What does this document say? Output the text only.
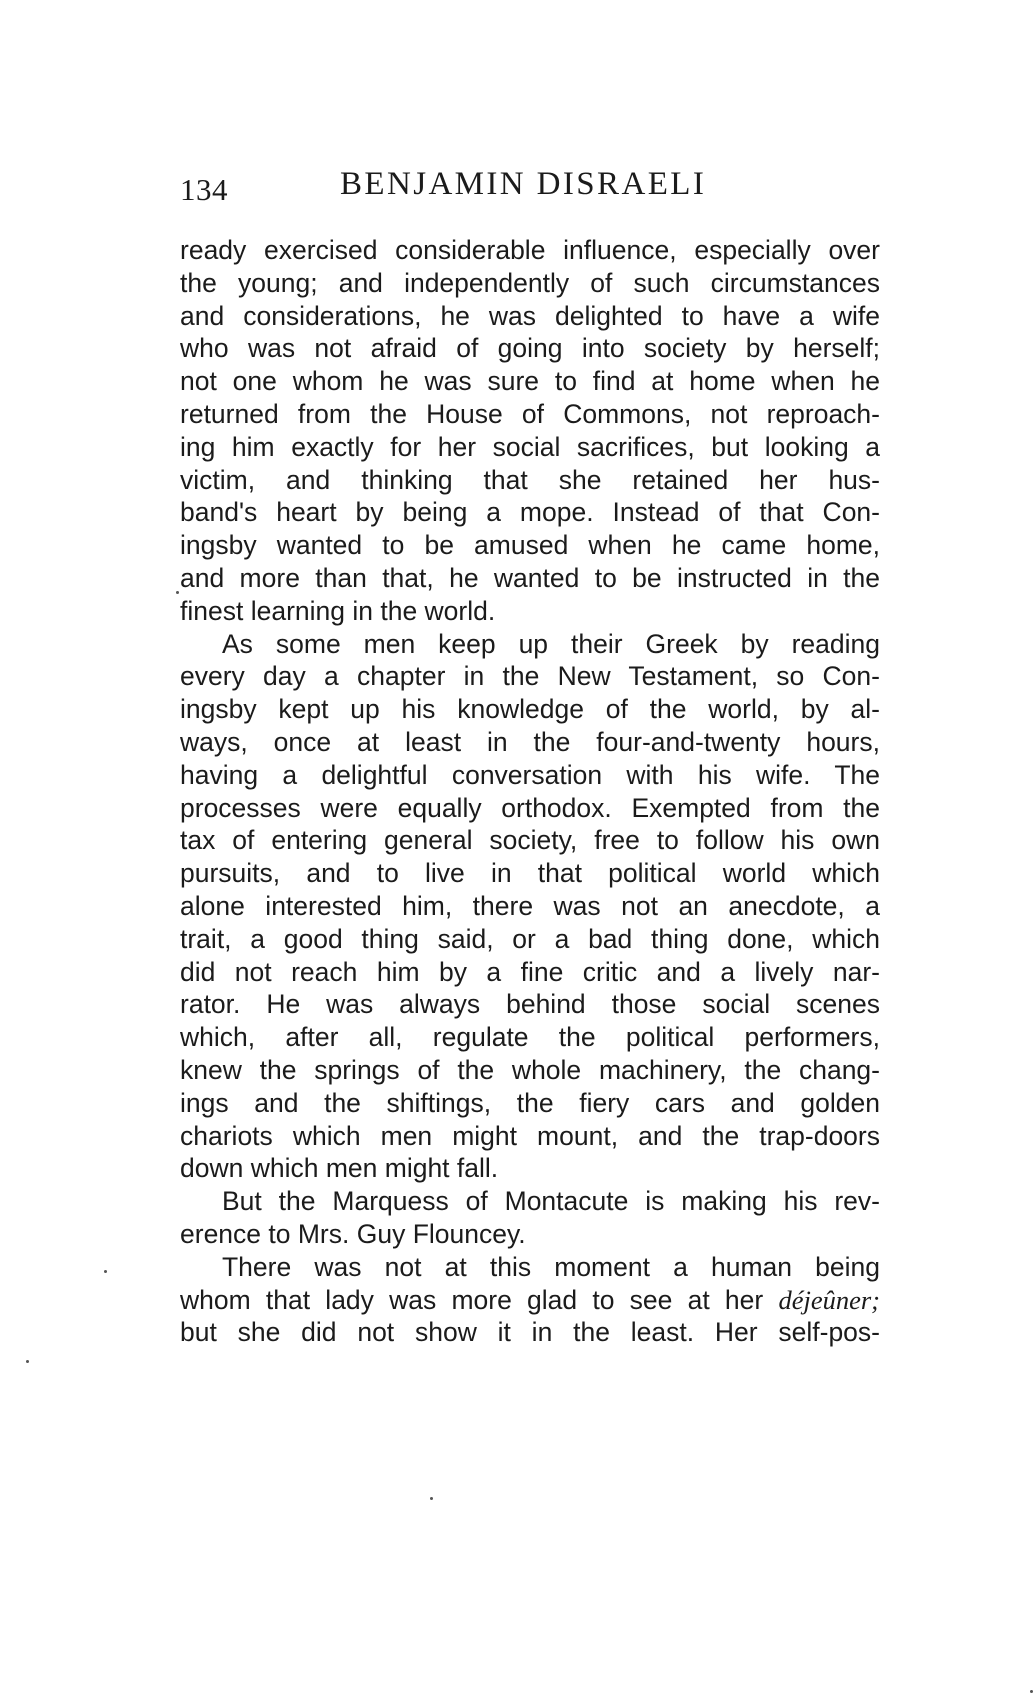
134	BENJAMIN DISRAELI
ready exercised considerable influence, especially over
the young; and independently of such circumstances
and considerations, he was delighted to have a wife
who was not afraid of going into society by herself;
not one whom he was sure to find at home when he
returned from the House of Commons, not reproach-
ing him exactly for her social sacrifices, but looking a
victim, and thinking that she retained her hus-
band's heart by being a mope. Instead of that Con-
ingsby wanted to be amused when he came home,
and more than that, he wanted to be instructed in the
finest learning in the world.
As some men keep up their Greek by reading
every day a chapter in the New Testament, so Con-
ingsby kept up his knowledge of the world, by al-
ways, once at least in the four-and-twenty hours,
having a delightful conversation with his wife. The
processes were equally orthodox. Exempted from the
tax of entering general society, free to follow his own
pursuits, and to live in that political world which
alone interested him, there was not an anecdote, a
trait, a good thing said, or a bad thing done, which
did not reach him by a fine critic and a lively nar-
rator. He was always behind those social scenes
which, after all, regulate the political performers,
knew the springs of the whole machinery, the chang-
ings and the shiftings, the fiery cars and golden
chariots which men might mount, and the trap-doors
down which men might fall.
But the Marquess of Montacute is making his rev-
erence to Mrs. Guy Flouncey.
There was not at this moment a human being
whom that lady was more glad to see at her déjeûner;
but she did not show it in the least. Her self-pos-
